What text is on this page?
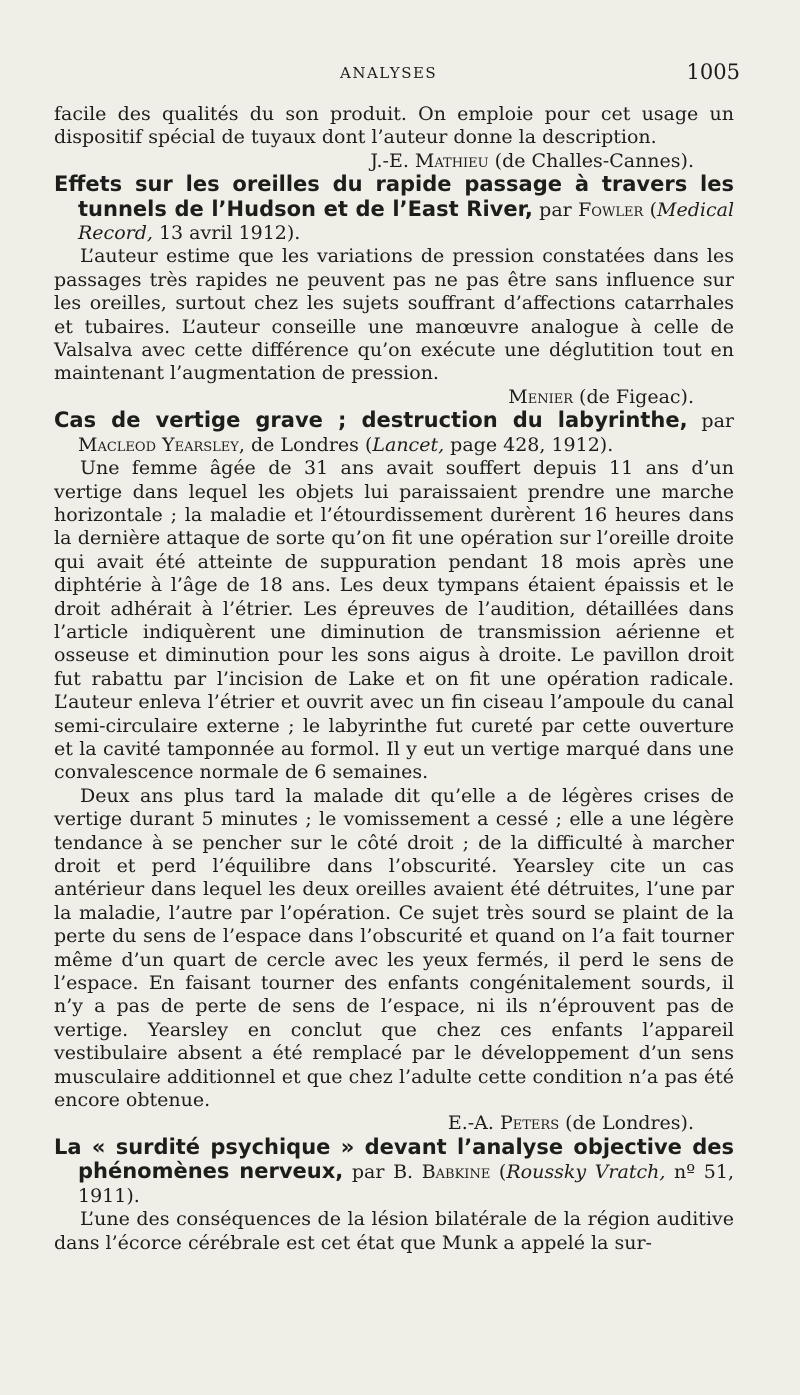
ANALYSES	1005

facile des qualités du son produit. On emploie pour cet usage un dispositif spécial de tuyaux dont l’auteur donne la description.

J.-E. Mathieu (de Challes-Cannes).

Effets sur les oreilles du rapide passage à travers les tunnels de l’Hudson et de l’East River, par Fowler (Medical Record, 13 avril 1912).

L’auteur estime que les variations de pression constatées dans les passages très rapides ne peuvent pas ne pas être sans influence sur les oreilles, surtout chez les sujets souffrant d’affections catarrhales et tubaires. L’auteur conseille une manœuvre analogue à celle de Valsalva avec cette différence qu’on exécute une déglutition tout en maintenant l’augmentation de pression.

Menier (de Figeac).

Cas de vertige grave ; destruction du labyrinthe, par Macleod Yearsley, de Londres (Lancet, page 428, 1912).

Une femme âgée de 31 ans avait souffert depuis 11 ans d’un vertige dans lequel les objets lui paraissaient prendre une marche horizontale ; la maladie et l’étourdissement durèrent 16 heures dans la dernière attaque de sorte qu’on fit une opération sur l’oreille droite qui avait été atteinte de suppuration pendant 18 mois après une diphtérie à l’âge de 18 ans. Les deux tympans étaient épaissis et le droit adhérait à l’étrier. Les épreuves de l’audition, détaillées dans l’article indiquèrent une diminution de transmission aérienne et osseuse et diminution pour les sons aigus à droite. Le pavillon droit fut rabattu par l’incision de Lake et on fit une opération radicale. L’auteur enleva l’étrier et ouvrit avec un fin ciseau l’ampoule du canal semi-circulaire externe ; le labyrinthe fut cureté par cette ouverture et la cavité tamponnée au formol. Il y eut un vertige marqué dans une convalescence normale de 6 semaines.

Deux ans plus tard la malade dit qu’elle a de légères crises de vertige durant 5 minutes ; le vomissement a cessé ; elle a une légère tendance à se pencher sur le côté droit ; de la difficulté à marcher droit et perd l’équilibre dans l’obscurité. Yearsley cite un cas antérieur dans lequel les deux oreilles avaient été détruites, l’une par la maladie, l’autre par l’opération. Ce sujet très sourd se plaint de la perte du sens de l’espace dans l’obscurité et quand on l’a fait tourner même d’un quart de cercle avec les yeux fermés, il perd le sens de l’espace. En faisant tourner des enfants congénitalement sourds, il n’y a pas de perte de sens de l’espace, ni ils n’éprouvent pas de vertige. Yearsley en conclut que chez ces enfants l’appareil vestibulaire absent a été remplacé par le développement d’un sens musculaire additionnel et que chez l’adulte cette condition n’a pas été encore obtenue.

E.-A. Peters (de Londres).

La « surdité psychique » devant l’analyse objective des phénomènes nerveux, par B. Babkine (Roussky Vratch, nº 51, 1911).

L’une des conséquences de la lésion bilatérale de la région auditive dans l’écorce cérébrale est cet état que Munk a appelé la sur-
